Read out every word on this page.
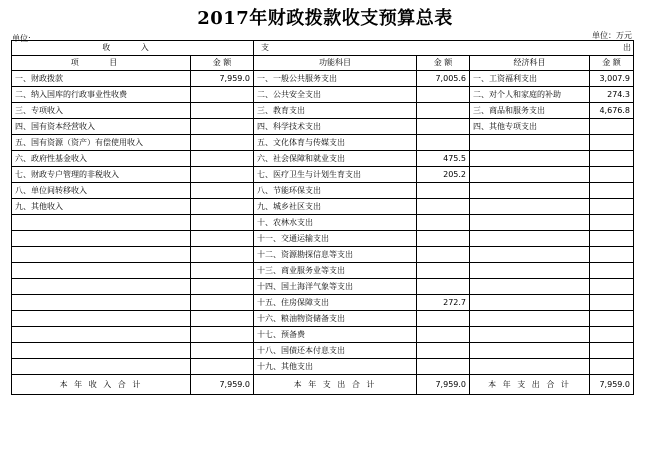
2017年财政拨款收支预算总表
单位:	单位：万元
收 入		支 出			
项 目	金 额	功能科目	金 额	经济科目	金 额
一、财政拨款	7,959.0	一、一般公共服务支出	7,005.6	一、工资福利支出	3,007.9
二、纳入国库的行政事业性收费		二、公共安全支出		二、对个人和家庭的补助	274.3
三、专项收入		三、教育支出		三、商品和服务支出	4,676.8
四、国有资本经营收入		四、科学技术支出		四、其他专项支出	
五、国有资源（资产）有偿使用收入		五、文化体育与传媒支出			
六、政府性基金收入		六、社会保障和就业支出	475.5		
七、财政专户管理的非税收入		七、医疗卫生与计划生育支出	205.2		
八、单位间转移收入		八、节能环保支出			
九、其他收入		九、城乡社区支出			
		十、农林水支出			
		十一、交通运输支出			
		十二、资源勘探信息等支出			
		十三、商业服务业等支出			
		十四、国土海洋气象等支出			
		十五、住房保障支出	272.7		
		十六、粮油物资储备支出			
		十七、预备费			
		十八、国债还本付息支出			
		十九、其他支出			
本 年 收 入 合 计	7,959.0	本 年 支 出 合 计	7,959.0	本 年 支 出 合 计	7,959.0
